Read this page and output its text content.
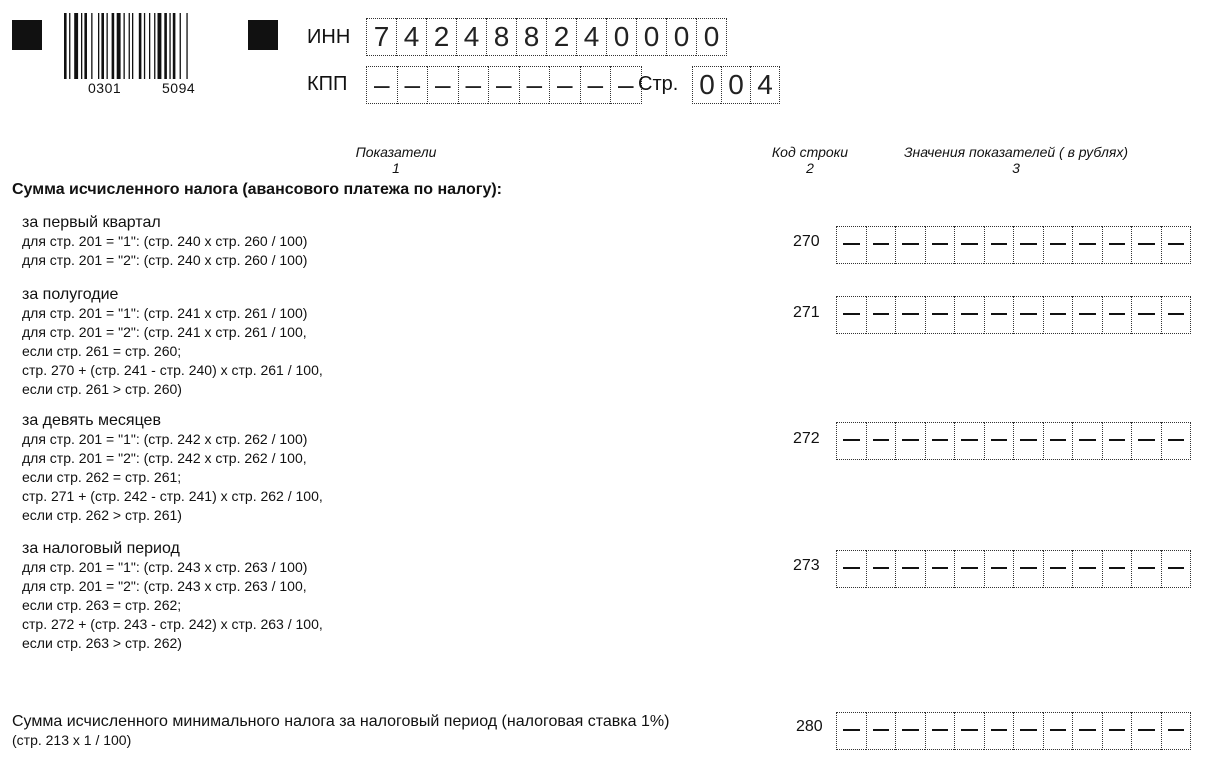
0301	5094
ИНН 7 4 2 4 8 8 2 4 0 0 0 0
КПП – – – – – – – – – Стр. 0 0 4
Показатели
1
Код строки
2
Значения показателей ( в рублях)
3
Сумма исчисленного налога (авансового платежа по налогу):
за первый квартал
для стр. 201 = "1": (стр. 240 х стр. 260 / 100)
для стр. 201 = "2": (стр. 240 х стр. 260 / 100)
270
за полугодие
для стр. 201 = "1": (стр. 241 х стр. 261 / 100)
для стр. 201 = "2": (стр. 241 х стр. 261 / 100,
если стр. 261 = стр. 260;
стр. 270 + (стр. 241 - стр. 240) х стр. 261 / 100,
если стр. 261 > стр. 260)
271
за девять месяцев
для стр. 201 = "1": (стр. 242 х стр. 262 / 100)
для стр. 201 = "2": (стр. 242 х стр. 262 / 100,
если стр. 262 = стр. 261;
стр. 271 + (стр. 242 - стр. 241) х стр. 262 / 100,
если стр. 262 > стр. 261)
272
за налоговый период
для стр. 201 = "1": (стр. 243 х стр. 263 / 100)
для стр. 201 = "2": (стр. 243 х стр. 263 / 100,
если стр. 263 = стр. 262;
стр. 272 + (стр. 243 - стр. 242) х стр. 263 / 100,
если стр. 263 > стр. 262)
273
Сумма исчисленного минимального налога за налоговый период (налоговая ставка 1%)
(стр. 213 х 1 / 100)
280
